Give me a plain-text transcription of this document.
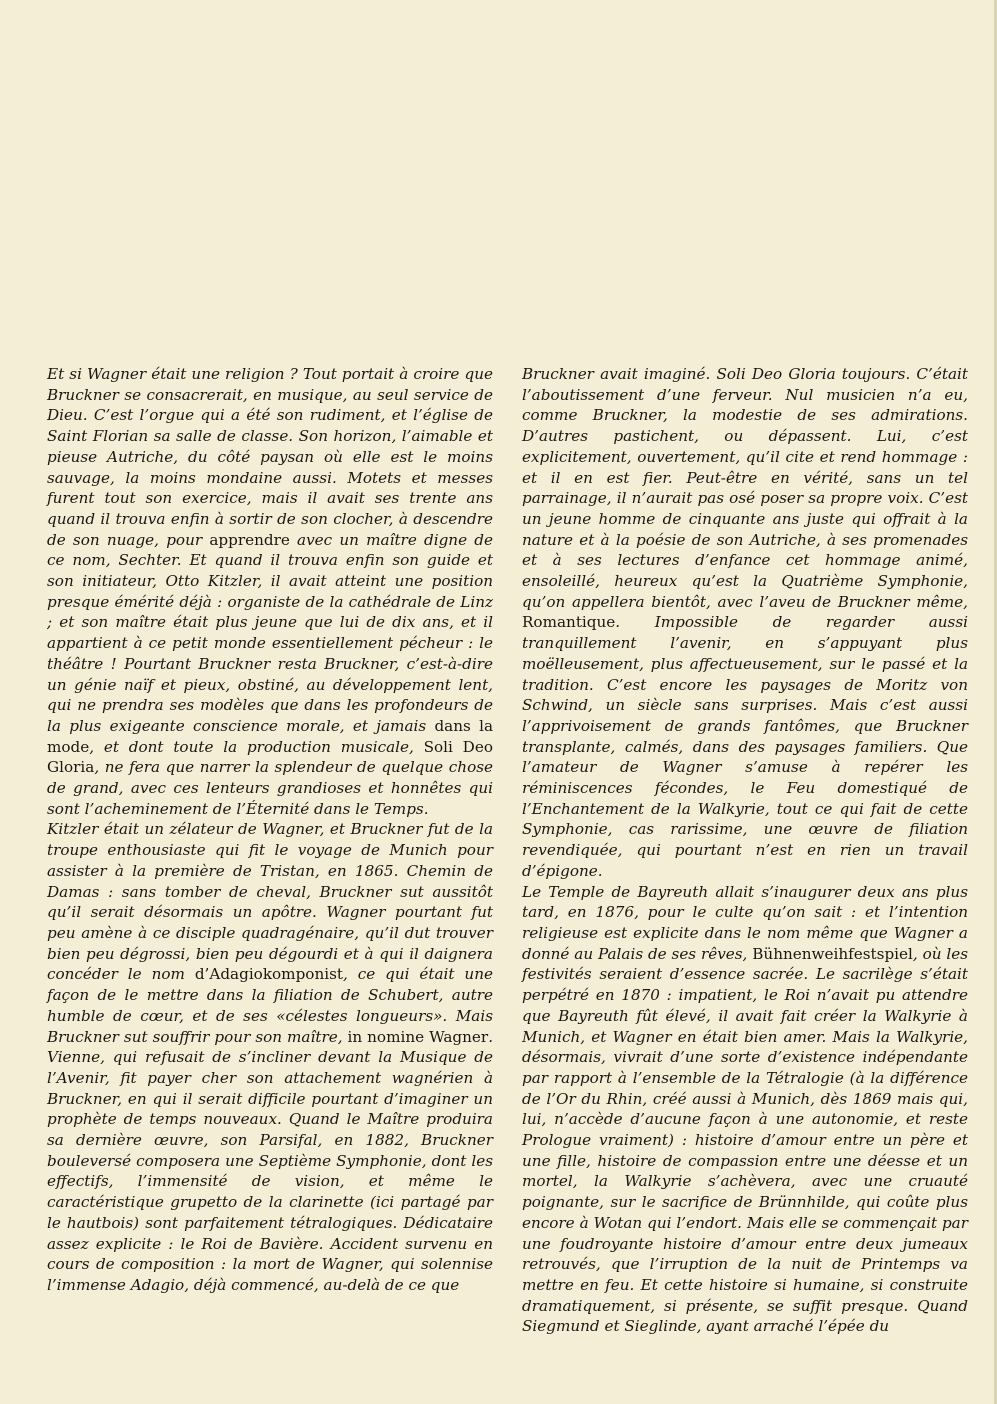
Et si Wagner était une religion ? Tout portait à croire que Bruckner se consacrerait, en musique, au seul service de Dieu. C’est l’orgue qui a été son rudiment, et l’église de Saint Florian sa salle de classe. Son horizon, l’aimable et pieuse Autriche, du côté paysan où elle est le moins sauvage, la moins mondaine aussi. Motets et messes furent tout son exercice, mais il avait ses trente ans quand il trouva enfin à sortir de son clocher, à descendre de son nuage, pour apprendre avec un maître digne de ce nom, Sechter. Et quand il trouva enfin son guide et son initiateur, Otto Kitzler, il avait atteint une position presque émérité déjà : organiste de la cathédrale de Linz ; et son maître était plus jeune que lui de dix ans, et il appartient à ce petit monde essentiellement pécheur : le théâtre ! Pourtant Bruckner resta Bruckner, c’est-à-dire un génie naïf et pieux, obstiné, au développement lent, qui ne prendra ses modèles que dans les profondeurs de la plus exigeante conscience morale, et jamais dans la mode, et dont toute la production musicale, Soli Deo Gloria, ne fera que narrer la splendeur de quelque chose de grand, avec ces lenteurs grandioses et honnêtes qui sont l’acheminement de l’Éternité dans le Temps.

Kitzler était un zélateur de Wagner, et Bruckner fut de la troupe enthousiaste qui fit le voyage de Munich pour assister à la première de Tristan, en 1865. Chemin de Damas : sans tomber de cheval, Bruckner sut aussitôt qu’il serait désormais un apôtre. Wagner pourtant fut peu amène à ce disciple quadragénaire, qu’il dut trouver bien peu dégrossi, bien peu dégourdi et à qui il daignera concéder le nom d’Adagiokomponist, ce qui était une façon de le mettre dans la filiation de Schubert, autre humble de cœur, et de ses «célestes longueurs». Mais Bruckner sut souffrir pour son maître, in nomine Wagner. Vienne, qui refusait de s’incliner devant la Musique de l’Avenir, fit payer cher son attachement wagnérien à Bruckner, en qui il serait difficile pourtant d’imaginer un prophète de temps nouveaux. Quand le Maître produira sa dernière œuvre, son Parsifal, en 1882, Bruckner bouleversé composera une Septième Symphonie, dont les effectifs, l’immensité de vision, et même le caractéristique grupetto de la clarinette (ici partagé par le hautbois) sont parfaitement tétralogiques. Dédicataire assez explicite : le Roi de Bavière. Accident survenu en cours de composition : la mort de Wagner, qui solennise l’immense Adagio, déjà commencé, au-delà de ce que

Bruckner avait imaginé. Soli Deo Gloria toujours. C’était l’aboutissement d’une ferveur. Nul musicien n’a eu, comme Bruckner, la modestie de ses admirations. D’autres pastichent, ou dépassent. Lui, c’est explicitement, ouvertement, qu’il cite et rend hommage : et il en est fier. Peut-être en vérité, sans un tel parrainage, il n’aurait pas osé poser sa propre voix. C’est un jeune homme de cinquante ans juste qui offrait à la nature et à la poésie de son Autriche, à ses promenades et à ses lectures d’enfance cet hommage animé, ensoleillé, heureux qu’est la Quatrième Symphonie, qu’on appellera bientôt, avec l’aveu de Bruckner même, Romantique. Impossible de regarder aussi tranquillement l’avenir, en s’appuyant plus moëlleusement, plus affectueusement, sur le passé et la tradition. C’est encore les paysages de Moritz von Schwind, un siècle sans surprises. Mais c’est aussi l’apprivoisement de grands fantômes, que Bruckner transplante, calmés, dans des paysages familiers. Que l’amateur de Wagner s’amuse à repérer les réminiscences fécondes, le Feu domestiqué de l’Enchantement de la Walkyrie, tout ce qui fait de cette Symphonie, cas rarissime, une œuvre de filiation revendiquée, qui pourtant n’est en rien un travail d’épigone.

Le Temple de Bayreuth allait s’inaugurer deux ans plus tard, en 1876, pour le culte qu’on sait : et l’intention religieuse est explicite dans le nom même que Wagner a donné au Palais de ses rêves, Bühnenweihfestspiel, où les festivités seraient d’essence sacrée. Le sacrilège s’était perpétré en 1870 : impatient, le Roi n’avait pu attendre que Bayreuth fût élevé, il avait fait créer la Walkyrie à Munich, et Wagner en était bien amer. Mais la Walkyrie, désormais, vivrait d’une sorte d’existence indépendante par rapport à l’ensemble de la Tétralogie (à la différence de l’Or du Rhin, créé aussi à Munich, dès 1869 mais qui, lui, n’accède d’aucune façon à une autonomie, et reste Prologue vraiment) : histoire d’amour entre un père et une fille, histoire de compassion entre une déesse et un mortel, la Walkyrie s’achèvera, avec une cruauté poignante, sur le sacrifice de Brünnhilde, qui coûte plus encore à Wotan qui l’endort. Mais elle se commençait par une foudroyante histoire d’amour entre deux jumeaux retrouvés, que l’irruption de la nuit de Printemps va mettre en feu. Et cette histoire si humaine, si construite dramatiquement, si présente, se suffit presque. Quand Siegmund et Sieglinde, ayant arraché l’épée du
